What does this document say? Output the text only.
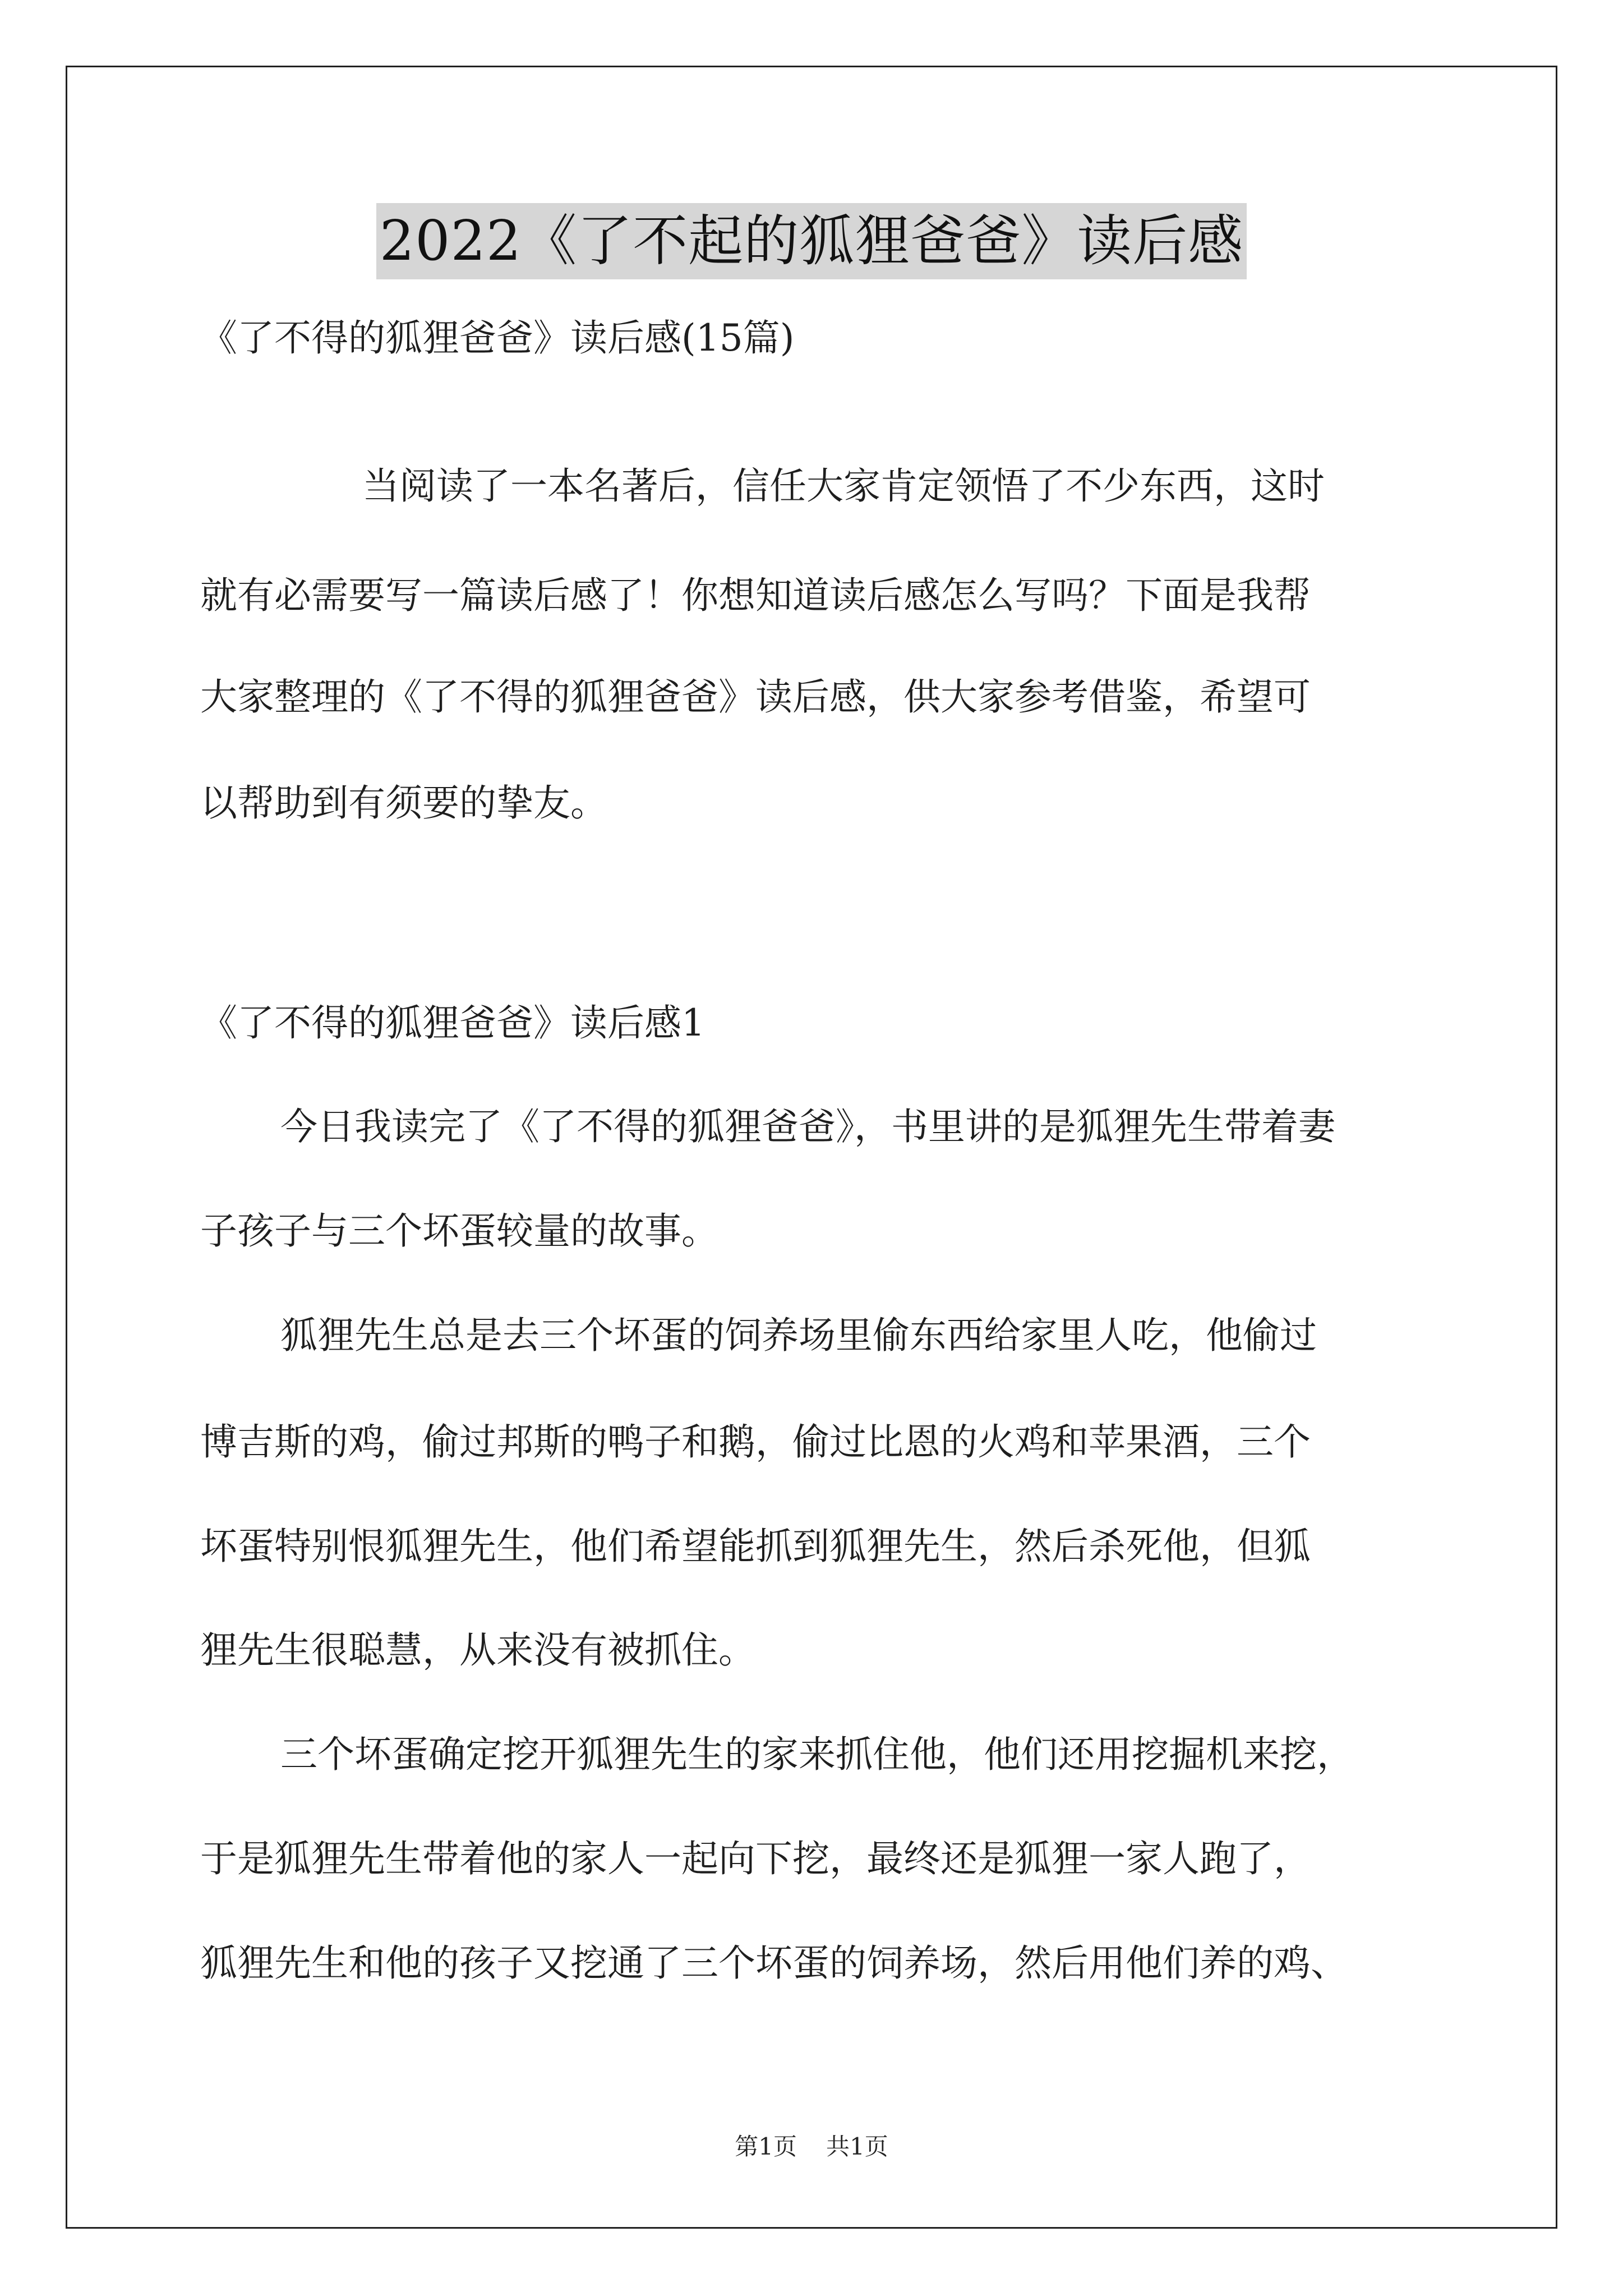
2022《了不起的狐狸爸爸》读后感
《了不得的狐狸爸爸》读后感(15篇)
当阅读了一本名著后，信任大家肯定领悟了不少东西，这时
就有必需要写一篇读后感了！你想知道读后感怎么写吗？下面是我帮
大家整理的《了不得的狐狸爸爸》读后感，供大家参考借鉴，希望可
以帮助到有须要的挚友。
《了不得的狐狸爸爸》读后感1
今日我读完了《了不得的狐狸爸爸》，书里讲的是狐狸先生带着妻
子孩子与三个坏蛋较量的故事。
狐狸先生总是去三个坏蛋的饲养场里偷东西给家里人吃，他偷过
博吉斯的鸡，偷过邦斯的鸭子和鹅，偷过比恩的火鸡和苹果酒，三个
坏蛋特别恨狐狸先生，他们希望能抓到狐狸先生，然后杀死他，但狐
狸先生很聪慧，从来没有被抓住。
三个坏蛋确定挖开狐狸先生的家来抓住他，他们还用挖掘机来挖，
于是狐狸先生带着他的家人一起向下挖，最终还是狐狸一家人跑了，
狐狸先生和他的孩子又挖通了三个坏蛋的饲养场，然后用他们养的鸡、
第1页 共1页
